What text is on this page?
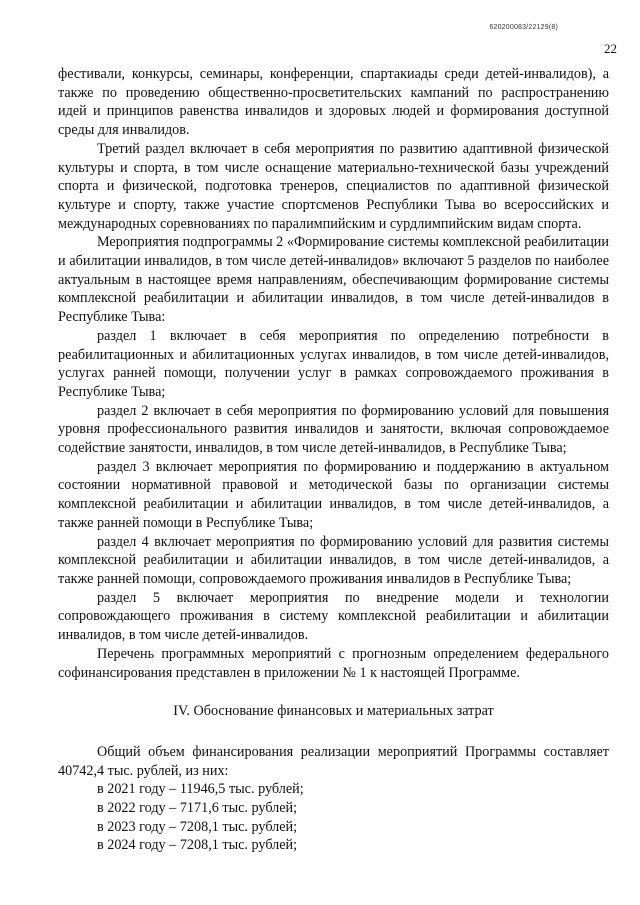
620200083/22129(8)
22

фестивали, конкурсы, семинары, конференции, спартакиады среди детей-инвалидов), а также по проведению общественно-просветительских кампаний по распространению идей и принципов равенства инвалидов и здоровых людей и формирования доступной среды для инвалидов.

Третий раздел включает в себя мероприятия по развитию адаптивной физической культуры и спорта, в том числе оснащение материально-технической базы учреждений спорта и физической, подготовка тренеров, специалистов по адаптивной физической культуре и спорту, также участие спортсменов Республики Тыва во всероссийских и международных соревнованиях по паралимпийским и сурдлимпийским видам спорта.

Мероприятия подпрограммы 2 «Формирование системы комплексной реабилитации и абилитации инвалидов, в том числе детей-инвалидов» включают 5 разделов по наиболее актуальным в настоящее время направлениям, обеспечивающим формирование системы комплексной реабилитации и абилитации инвалидов, в том числе детей-инвалидов в Республике Тыва:

раздел 1 включает в себя мероприятия по определению потребности в реабилитационных и абилитационных услугах инвалидов, в том числе детей-инвалидов, услугах ранней помощи, получении услуг в рамках сопровождаемого проживания в Республике Тыва;

раздел 2 включает в себя мероприятия по формированию условий для повышения уровня профессионального развития инвалидов и занятости, включая сопровождаемое содействие занятости, инвалидов, в том числе детей-инвалидов, в Республике Тыва;

раздел 3 включает мероприятия по формированию и поддержанию в актуальном состоянии нормативной правовой и методической базы по организации системы комплексной реабилитации и абилитации инвалидов, в том числе детей-инвалидов, а также ранней помощи в Республике Тыва;

раздел 4 включает мероприятия по формированию условий для развития системы комплексной реабилитации и абилитации инвалидов, в том числе детей-инвалидов, а также ранней помощи, сопровождаемого проживания инвалидов в Республике Тыва;

раздел 5 включает мероприятия по внедрение модели и технологии сопровождающего проживания в систему комплексной реабилитации и абилитации инвалидов, в том числе детей-инвалидов.

Перечень программных мероприятий с прогнозным определением федерального софинансирования представлен в приложении № 1 к настоящей Программе.

IV. Обоснование финансовых и материальных затрат

Общий объем финансирования реализации мероприятий Программы составляет 40742,4 тыс. рублей, из них:

в 2021 году – 11946,5 тыс. рублей;
в 2022 году – 7171,6 тыс. рублей;
в 2023 году – 7208,1 тыс. рублей;
в 2024 году – 7208,1 тыс. рублей;
